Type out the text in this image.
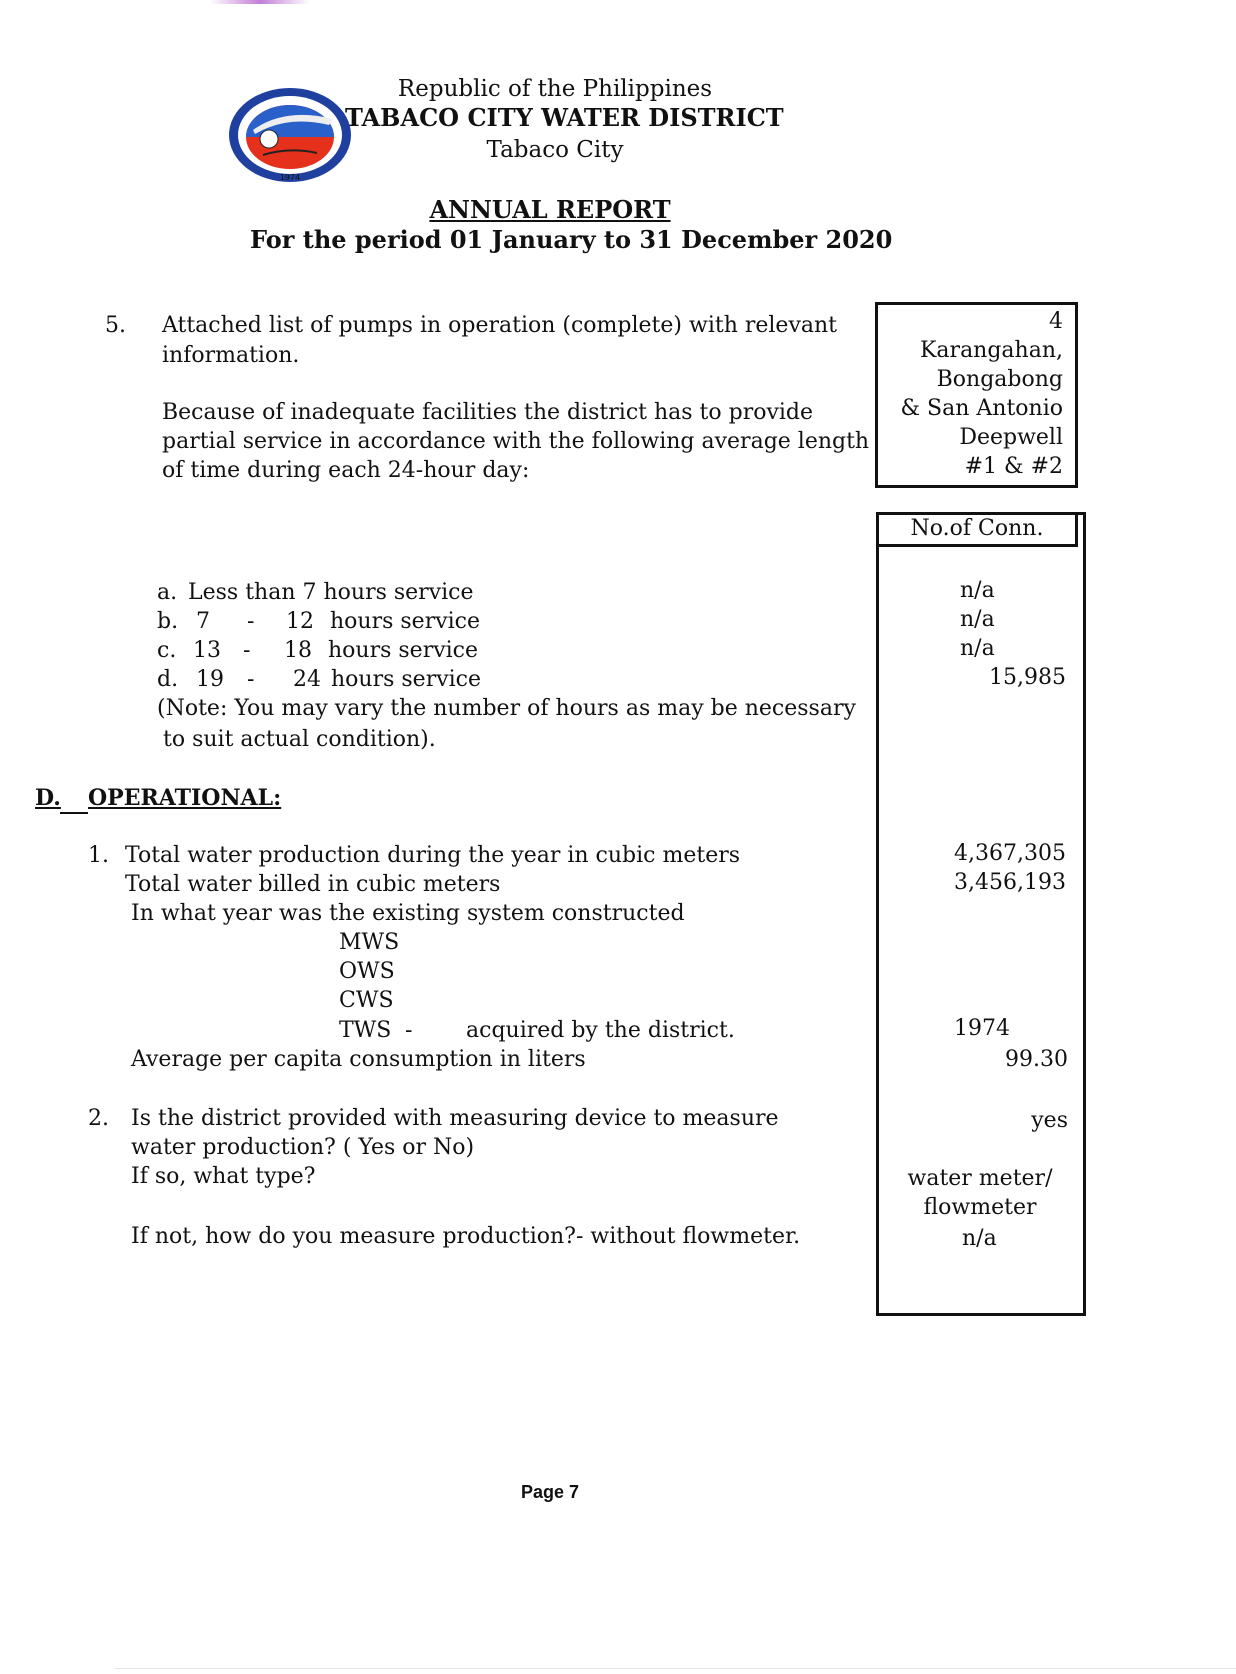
1974
Republic of the Philippines
TABACO CITY WATER DISTRICT
Tabaco City
ANNUAL REPORT
For the period 01 January to 31 December 2020
5. Attached list of pumps in operation (complete) with relevant
information.
Because of inadequate facilities the district has to provide
partial service in accordance with the following average length
of time during each 24-hour day:
4
Karangahan,
Bongabong
& San Antonio
Deepwell
#1 & #2
No.of Conn.
a. Less than 7 hours service	n/a
b. 7 - 12 hours service	n/a
c. 13 - 18 hours service	n/a
d. 19 - 24 hours service	15,985
(Note: You may vary the number of hours as may be necessary
to suit actual condition).
D. OPERATIONAL:
1. Total water production during the year in cubic meters	4,367,305
Total water billed in cubic meters	3,456,193
In what year was the existing system constructed
MWS
OWS
CWS
TWS - acquired by the district.	1974
Average per capita consumption in liters	99.30
2. Is the district provided with measuring device to measure	yes
water production? ( Yes or No)
If so, what type?	water meter/
flowmeter
If not, how do you measure production?- without flowmeter.	n/a
Page 7
